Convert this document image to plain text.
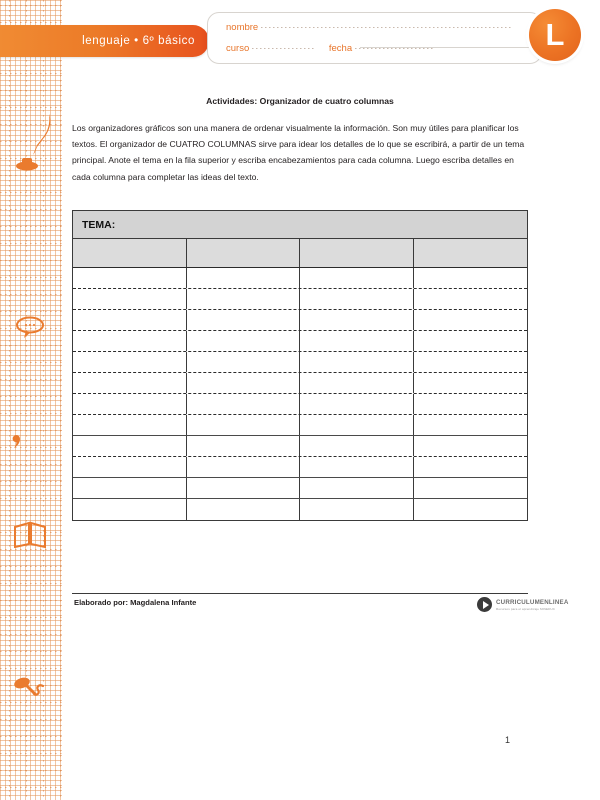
lenguaje • 6º básico
nombre
curso	fecha	L
Actividades: Organizador de cuatro columnas
Los organizadores gráficos son una manera de ordenar visualmente la información. Son muy útiles para planificar los textos. El organizador de CUATRO COLUMNAS sirve para idear los detalles de lo que se escribirá, a partir de un tema principal. Anote el tema en la fila superior y escriba encabezamientos para cada columna. Luego escriba detalles en cada columna para completar las ideas del texto.
TEMA:
Elaborado por: Magdalena Infante	CURRICULUMENLINEA
Recursos para el aprendizaje MINEDUC
1
